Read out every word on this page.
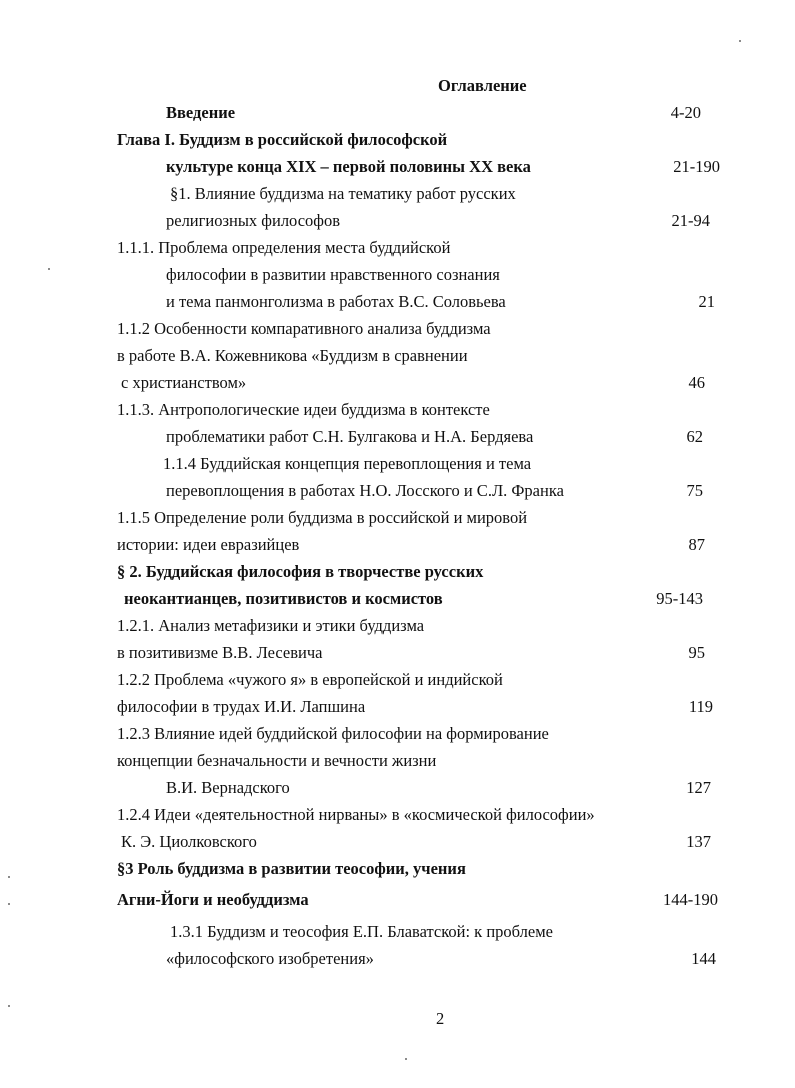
Оглавление
Введение	4-20
Глава I. Буддизм в российской философской
культуре конца XIX – первой половины XX века	21-190
§1. Влияние буддизма на тематику работ русских
религиозных философов	21-94
1.1.1. Проблема определения места буддийской
философии в развитии нравственного сознания
и тема панмонголизма в работах В.С. Соловьева	21
1.1.2 Особенности компаративного анализа буддизма
в работе В.А. Кожевникова «Буддизм в сравнении
с христианством»	46
1.1.3. Антропологические идеи буддизма в контексте
проблематики работ С.Н. Булгакова и Н.А. Бердяева	62
1.1.4 Буддийская концепция перевоплощения и тема
перевоплощения в работах Н.О. Лосского и С.Л. Франка	75
1.1.5 Определение роли буддизма в российской и мировой
истории: идеи евразийцев	87
§ 2. Буддийская философия в творчестве русских
неокантианцев, позитивистов и космистов	95-143
1.2.1. Анализ метафизики и этики буддизма
в позитивизме В.В. Лесевича	95
1.2.2 Проблема «чужого я» в европейской и индийской
философии в трудах И.И. Лапшина	119
1.2.3 Влияние идей буддийской философии на формирование
концепции безначальности и вечности жизни
В.И. Вернадского	127
1.2.4 Идеи «деятельностной нирваны» в «космической философии»
К. Э. Циолковского	137
§3 Роль буддизма в развитии теософии, учения
Агни-Йоги и необуддизма	144-190
1.3.1 Буддизм и теософия Е.П. Блаватской: к проблеме
«философского изобретения»	144
2
